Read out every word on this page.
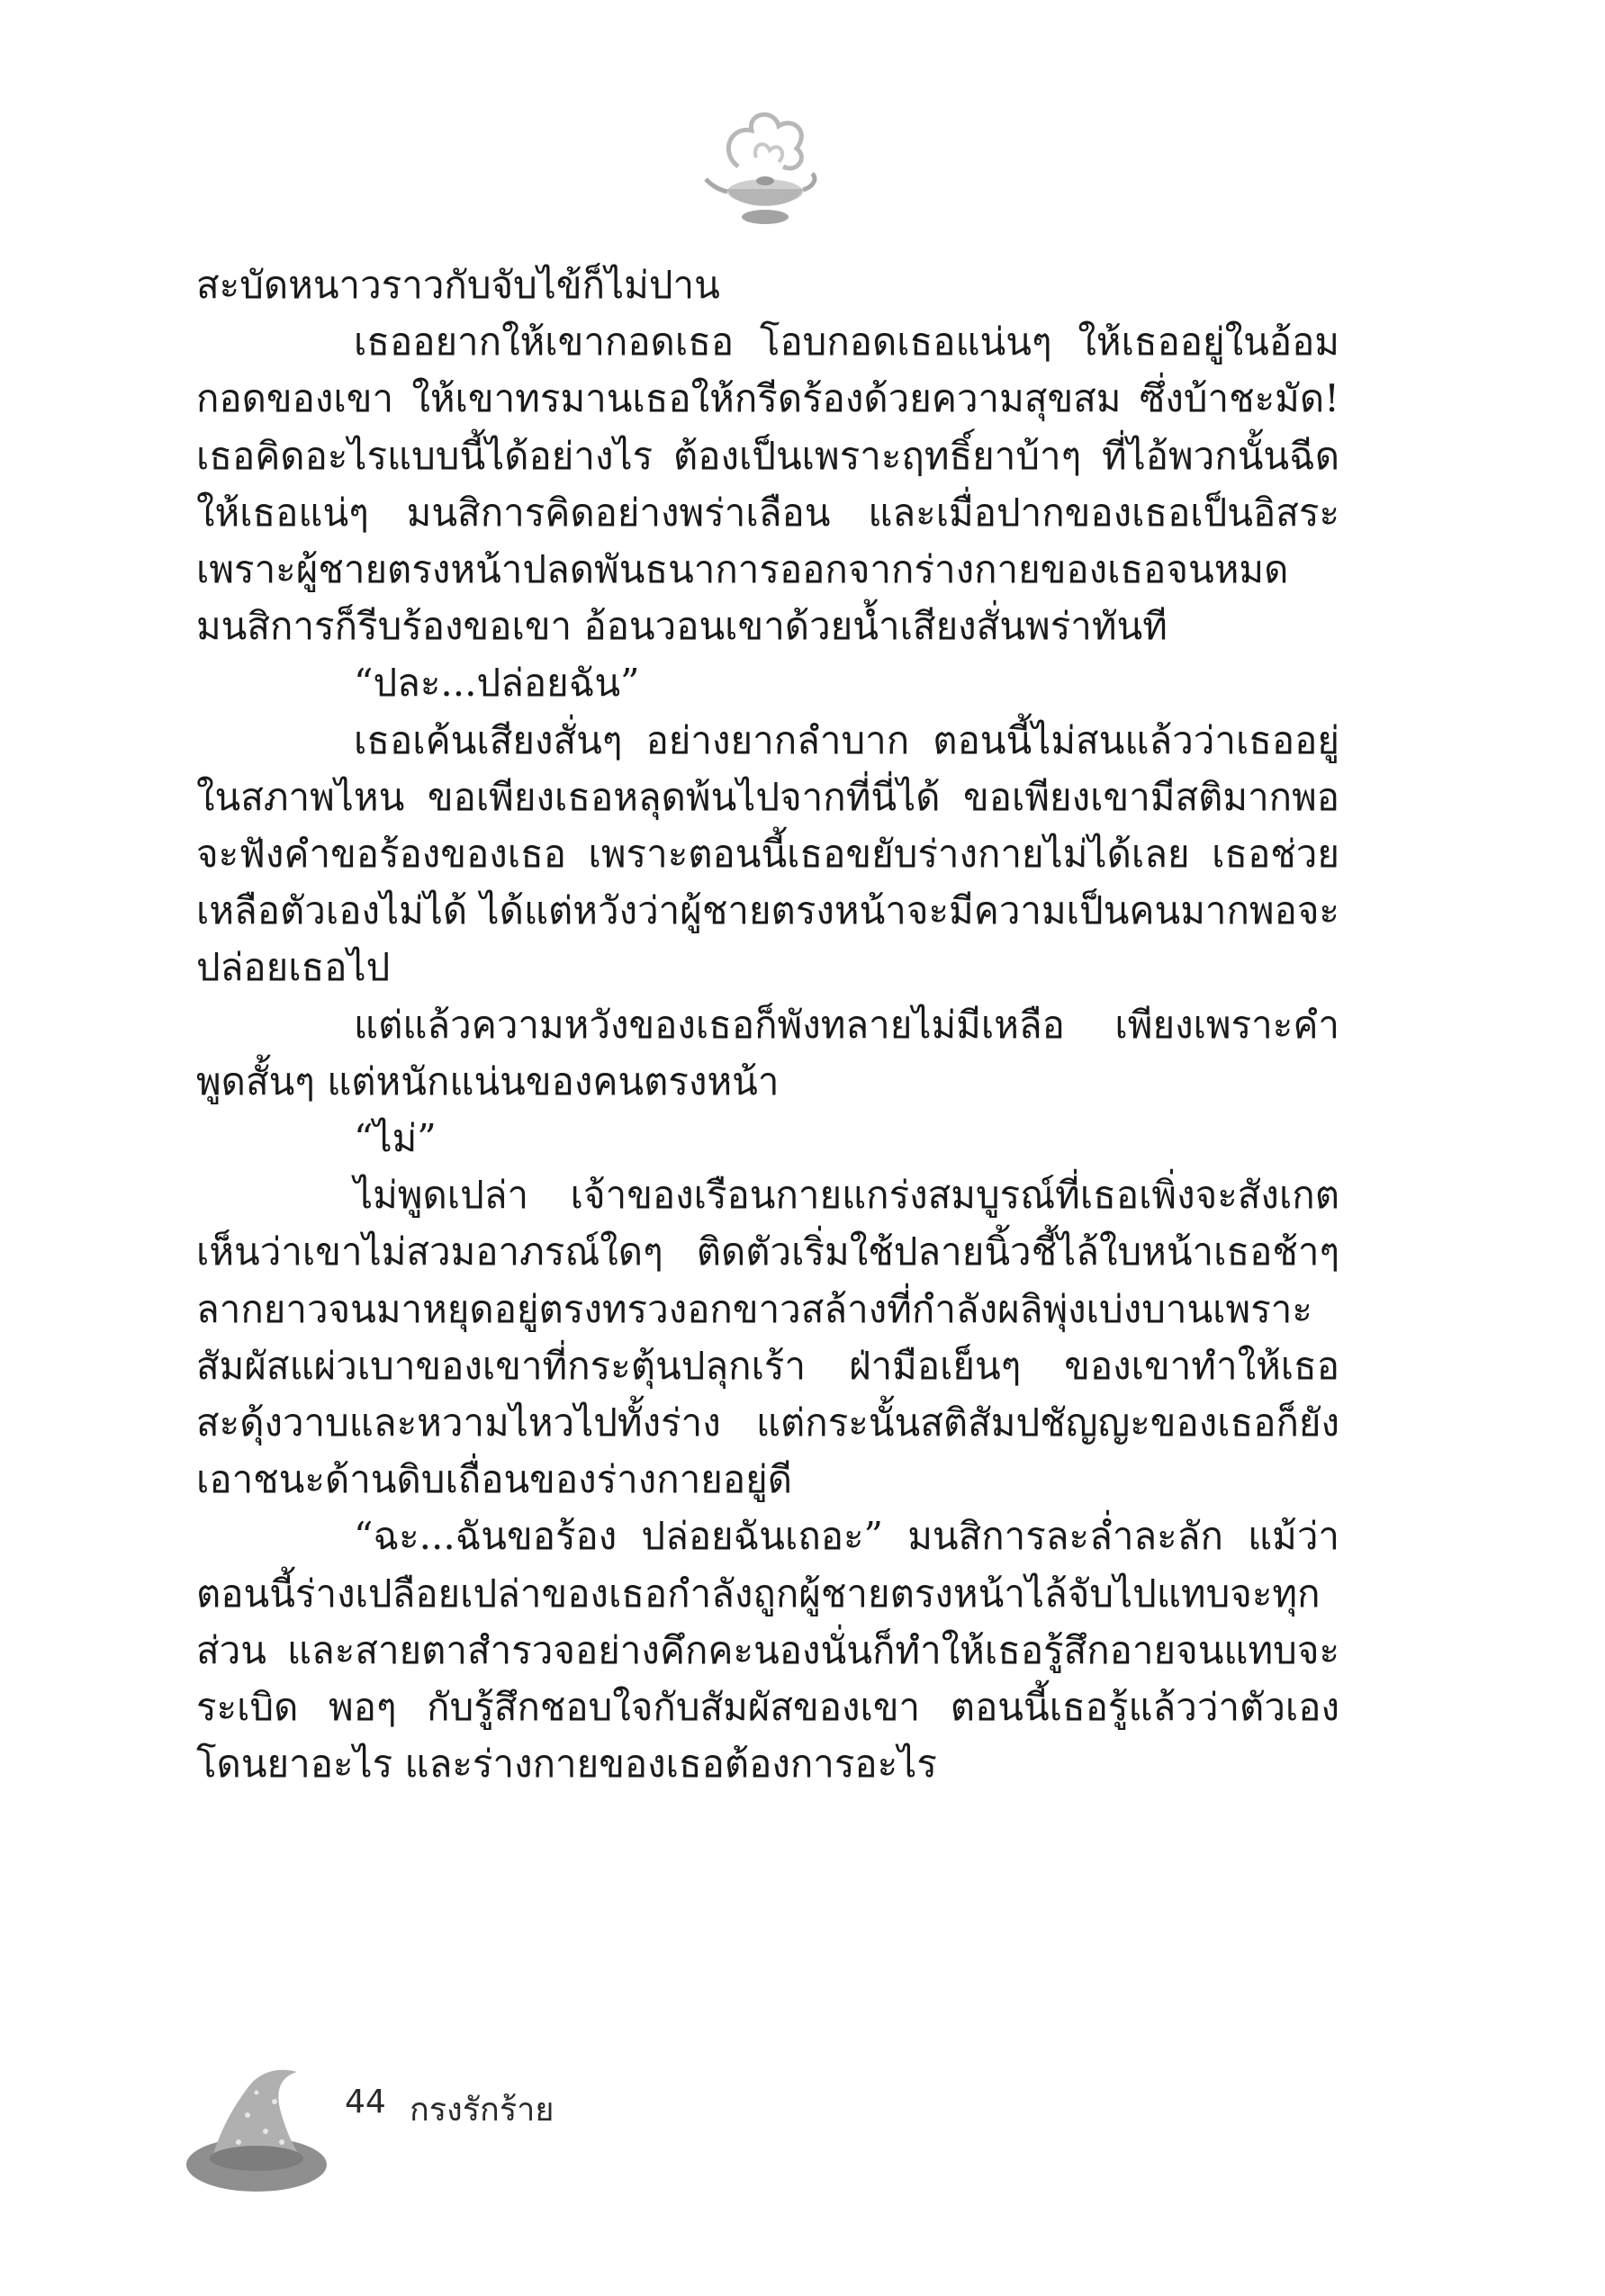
สะบัดหนาวราวกับจับไข้ก็ไม่ปาน

เธออยากให้เขากอดเธอ โอบกอดเธอแน่นๆ ให้เธออยู่ในอ้อมกอดของเขา ให้เขาทรมานเธอให้กรีดร้องด้วยความสุขสม ซึ่งบ้าชะมัด! เธอคิดอะไรแบบนี้ได้อย่างไร ต้องเป็นเพราะฤทธิ์ยาบ้าๆ ที่ไอ้พวกนั้นฉีดให้เธอแน่ๆ มนสิการคิดอย่างพร่าเลือน และเมื่อปากของเธอเป็นอิสระเพราะผู้ชายตรงหน้าปลดพันธนาการออกจากร่างกายของเธอจนหมด มนสิการก็รีบร้องขอเขา อ้อนวอนเขาด้วยน้ำเสียงสั่นพร่าทันที

“ปละ...ปล่อยฉัน”

เธอเค้นเสียงสั่นๆ อย่างยากลำบาก ตอนนี้ไม่สนแล้วว่าเธออยู่ในสภาพไหน ขอเพียงเธอหลุดพ้นไปจากที่นี่ได้ ขอเพียงเขามีสติมากพอจะฟังคำขอร้องของเธอ เพราะตอนนี้เธอขยับร่างกายไม่ได้เลย เธอช่วยเหลือตัวเองไม่ได้ ได้แต่หวังว่าผู้ชายตรงหน้าจะมีความเป็นคนมากพอจะปล่อยเธอไป

แต่แล้วความหวังของเธอก็พังทลายไม่มีเหลือ เพียงเพราะคำพูดสั้นๆ แต่หนักแน่นของคนตรงหน้า

“ไม่”

ไม่พูดเปล่า เจ้าของเรือนกายแกร่งสมบูรณ์ที่เธอเพิ่งจะสังเกตเห็นว่าเขาไม่สวมอาภรณ์ใดๆ ติดตัวเริ่มใช้ปลายนิ้วชี้ไล้ใบหน้าเธอช้าๆ ลากยาวจนมาหยุดอยู่ตรงทรวงอกขาวสล้างที่กำลังผลิพุ่งเบ่งบานเพราะสัมผัสแผ่วเบาของเขาที่กระตุ้นปลุกเร้า ฝ่ามือเย็นๆ ของเขาทำให้เธอสะดุ้งวาบและหวามไหวไปทั้งร่าง แต่กระนั้นสติสัมปชัญญะของเธอก็ยังเอาชนะด้านดิบเถื่อนของร่างกายอยู่ดี

“ฉะ...ฉันขอร้อง ปล่อยฉันเถอะ” มนสิการละล่ำละลัก แม้ว่าตอนนี้ร่างเปลือยเปล่าของเธอกำลังถูกผู้ชายตรงหน้าไล้จับไปแทบจะทุกส่วน และสายตาสำรวจอย่างคึกคะนองนั่นก็ทำให้เธอรู้สึกอายจนแทบจะระเบิด พอๆ กับรู้สึกชอบใจกับสัมผัสของเขา ตอนนี้เธอรู้แล้วว่าตัวเองโดนยาอะไร และร่างกายของเธอต้องการอะไร

44 กรงรักร้าย
